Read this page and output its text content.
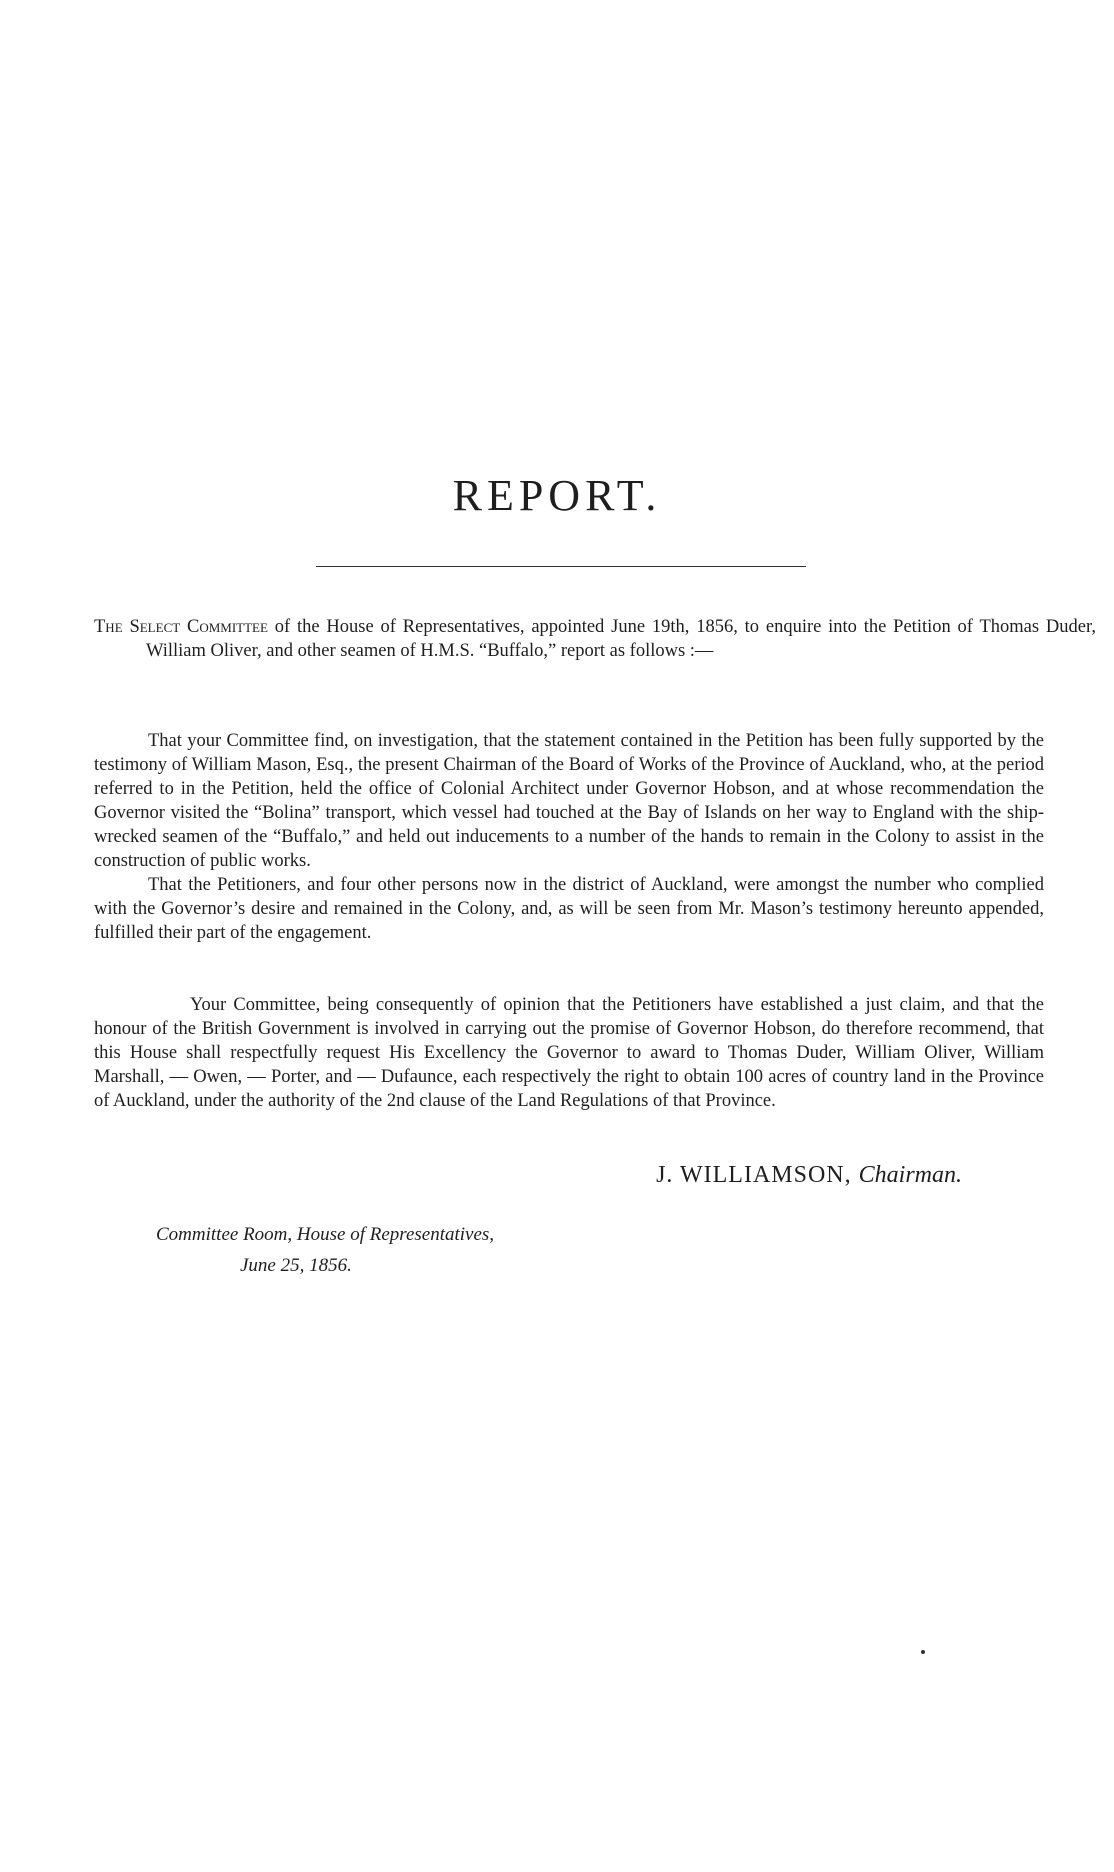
REPORT.

The Select Committee of the House of Representatives, appointed June 19th, 1856, to enquire into the Petition of Thomas Duder, William Oliver, and other seamen of H.M.S. “Buffalo,” report as follows :—

That your Committee find, on investigation, that the statement contained in the Petition has been fully supported by the testimony of William Mason, Esq., the present Chairman of the Board of Works of the Province of Auckland, who, at the period referred to in the Petition, held the office of Colonial Architect under Governor Hobson, and at whose recommendation the Governor visited the “Bolina” transport, which vessel had touched at the Bay of Islands on her way to England with the ship-wrecked seamen of the “Buffalo,” and held out inducements to a number of the hands to remain in the Colony to assist in the construction of public works.

That the Petitioners, and four other persons now in the district of Auckland, were amongst the number who complied with the Governor’s desire and remained in the Colony, and, as will be seen from Mr. Mason’s testimony hereunto appended, fulfilled their part of the engagement.

Your Committee, being consequently of opinion that the Petitioners have established a just claim, and that the honour of the British Government is involved in carrying out the promise of Governor Hobson, do therefore recommend, that this House shall respectfully request His Excellency the Governor to award to Thomas Duder, William Oliver, William Marshall, — Owen, — Porter, and — Dufaunce, each respectively the right to obtain 100 acres of country land in the Province of Auckland, under the authority of the 2nd clause of the Land Regulations of that Province.

J. WILLIAMSON, Chairman.
Committee Room, House of Representatives,
June 25, 1856.
